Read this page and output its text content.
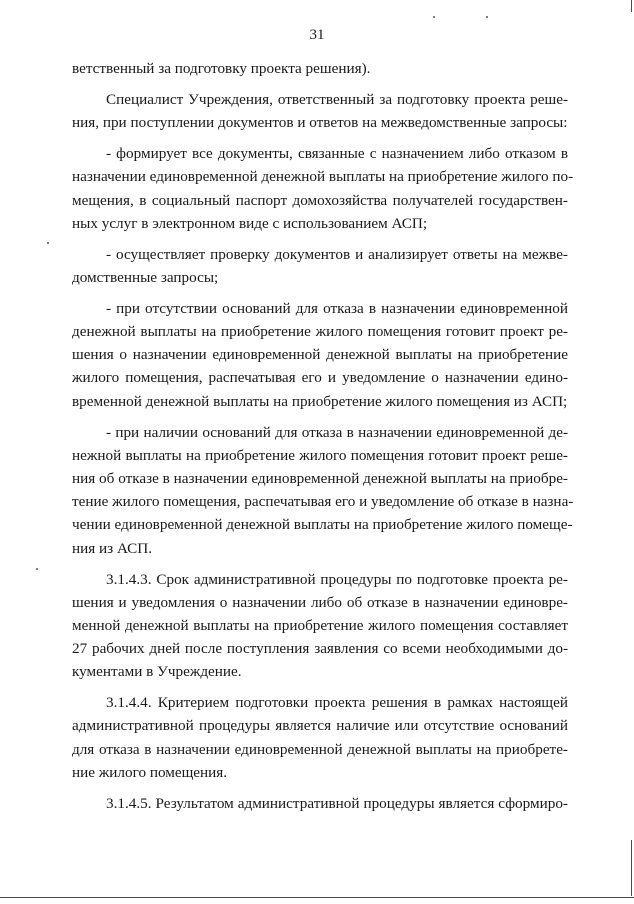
31
ветственный за подготовку проекта решения).
Специалист Учреждения, ответственный за подготовку проекта реше-
ния, при поступлении документов и ответов на межведомственные запросы:
- формирует все документы, связанные с назначением либо отказом в
назначении единовременной денежной выплаты на приобретение жилого по-
мещения, в социальный паспорт домохозяйства получателей государствен-
ных услуг в электронном виде с использованием АСП;
- осуществляет проверку документов и анализирует ответы на межве-
домственные запросы;
- при отсутствии оснований для отказа в назначении единовременной
денежной выплаты на приобретение жилого помещения готовит проект ре-
шения о назначении единовременной денежной выплаты на приобретение
жилого помещения, распечатывая его и уведомление о назначении едино-
временной денежной выплаты на приобретение жилого помещения из АСП;
- при наличии оснований для отказа в назначении единовременной де-
нежной выплаты на приобретение жилого помещения готовит проект реше-
ния об отказе в назначении единовременной денежной выплаты на приобре-
тение жилого помещения, распечатывая его и уведомление об отказе в назна-
чении единовременной денежной выплаты на приобретение жилого помеще-
ния из АСП.
3.1.4.3. Срок административной процедуры по подготовке проекта ре-
шения и уведомления о назначении либо об отказе в назначении единовре-
менной денежной выплаты на приобретение жилого помещения составляет
27 рабочих дней после поступления заявления со всеми необходимыми до-
кументами в Учреждение.
3.1.4.4. Критерием подготовки проекта решения в рамках настоящей
административной процедуры является наличие или отсутствие оснований
для отказа в назначении единовременной денежной выплаты на приобрете-
ние жилого помещения.
3.1.4.5. Результатом административной процедуры является сформиро-
